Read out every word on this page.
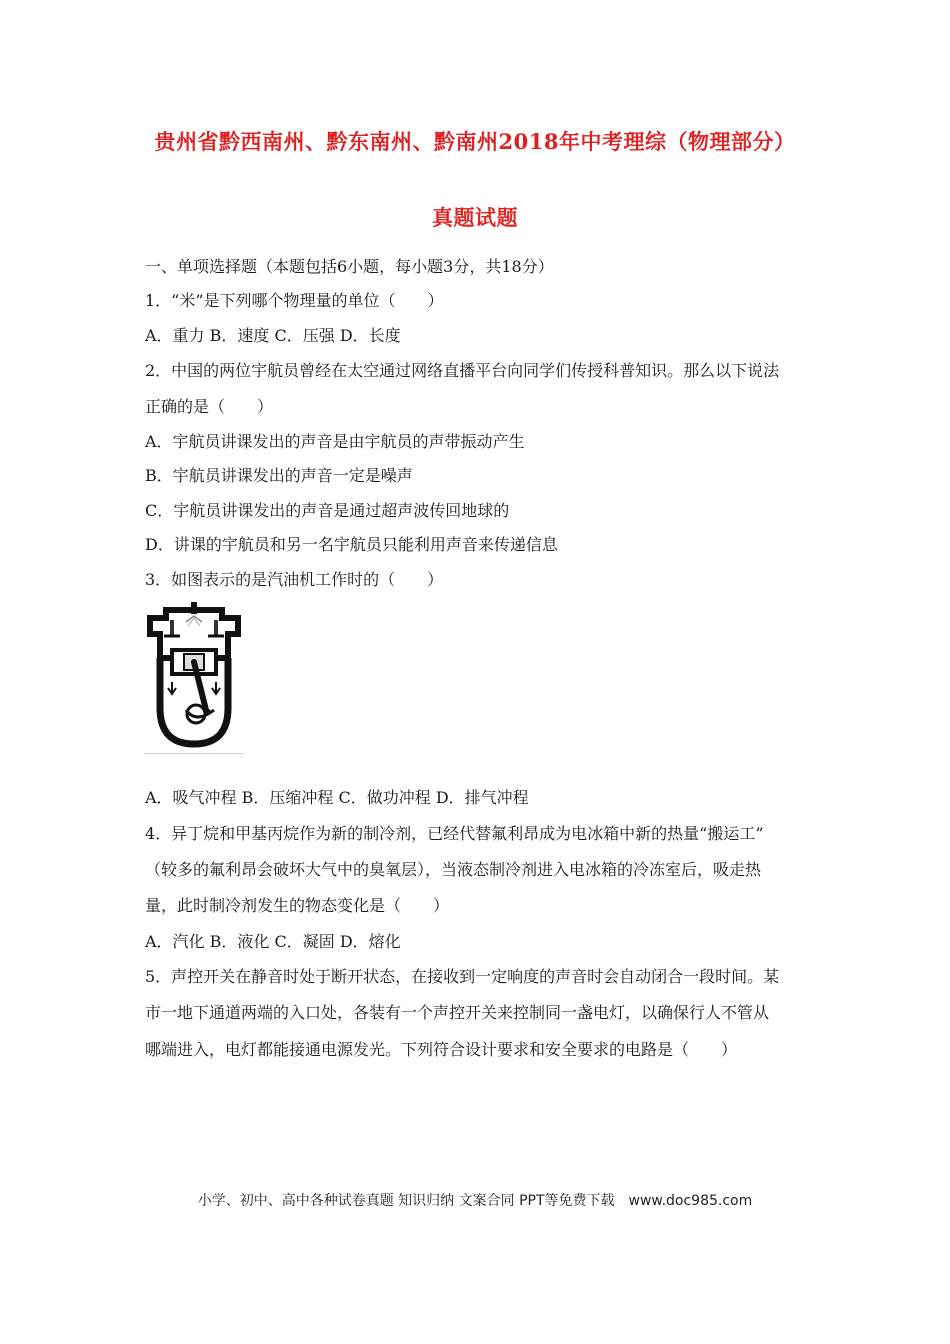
贵州省黔西南州、黔东南州、黔南州2018年中考理综（物理部分）
真题试题
一、单项选择题（本题包括6小题，每小题3分，共18分）
1．“米”是下列哪个物理量的单位（　　）
A．重力 B．速度 C．压强 D．长度
2．中国的两位宇航员曾经在太空通过网络直播平台向同学们传授科普知识。那么以下说法
正确的是（　　）
A．宇航员讲课发出的声音是由宇航员的声带振动产生
B．宇航员讲课发出的声音一定是噪声
C．宇航员讲课发出的声音是通过超声波传回地球的
D．讲课的宇航员和另一名宇航员只能利用声音来传递信息
3．如图表示的是汽油机工作时的（　　）
A．吸气冲程 B．压缩冲程 C．做功冲程 D．排气冲程
4．异丁烷和甲基丙烷作为新的制冷剂，已经代替氟利昂成为电冰箱中新的热量“搬运工”
（较多的氟利昂会破坏大气中的臭氧层），当液态制冷剂进入电冰箱的冷冻室后，吸走热
量，此时制冷剂发生的物态变化是（　　）
A．汽化 B．液化 C．凝固 D．熔化
5．声控开关在静音时处于断开状态，在接收到一定响度的声音时会自动闭合一段时间。某
市一地下通道两端的入口处，各装有一个声控开关来控制同一盏电灯，以确保行人不管从
哪端进入，电灯都能接通电源发光。下列符合设计要求和安全要求的电路是（　　）
小学、初中、高中各种试卷真题 知识归纳 文案合同 PPT等免费下载　www.doc985.com
